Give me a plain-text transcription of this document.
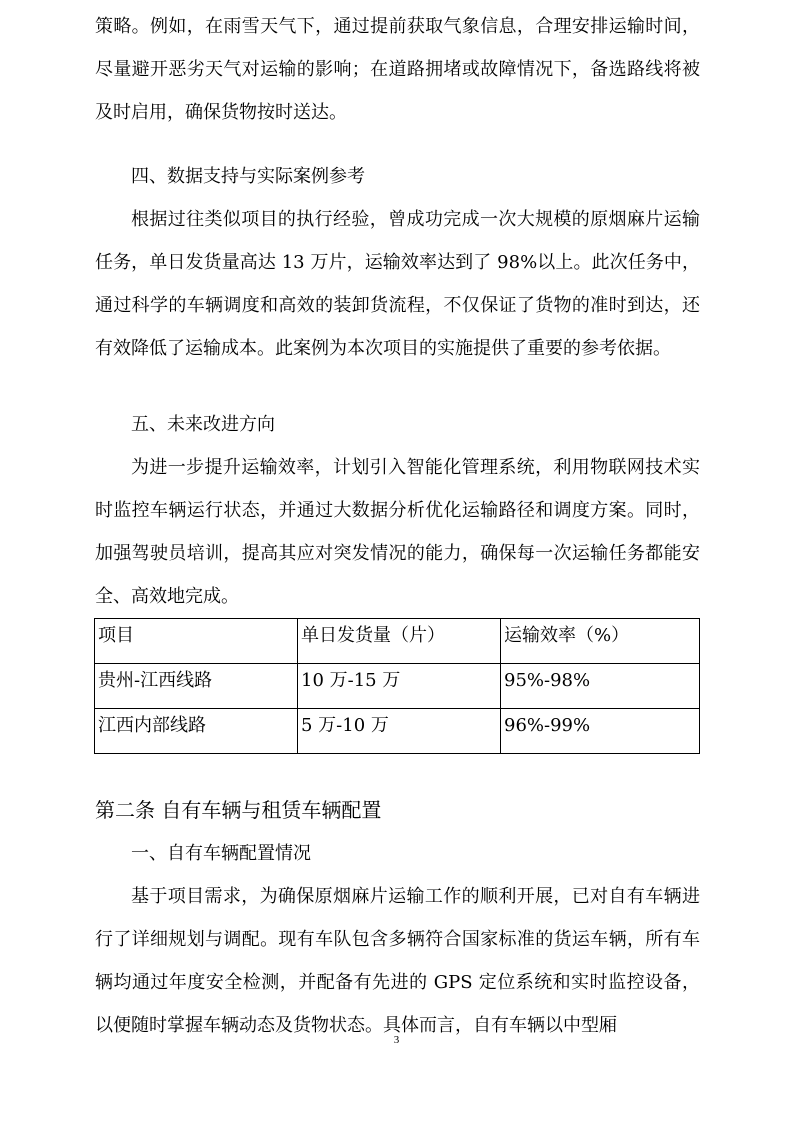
策略。例如，在雨雪天气下，通过提前获取气象信息，合理安排运输时间，尽量避开恶劣天气对运输的影响；在道路拥堵或故障情况下，备选路线将被及时启用，确保货物按时送达。

四、数据支持与实际案例参考

根据过往类似项目的执行经验，曾成功完成一次大规模的原烟麻片运输任务，单日发货量高达 13 万片，运输效率达到了 98%以上。此次任务中，通过科学的车辆调度和高效的装卸货流程，不仅保证了货物的准时到达，还有效降低了运输成本。此案例为本次项目的实施提供了重要的参考依据。

五、未来改进方向

为进一步提升运输效率，计划引入智能化管理系统，利用物联网技术实时监控车辆运行状态，并通过大数据分析优化运输路径和调度方案。同时，加强驾驶员培训，提高其应对突发情况的能力，确保每一次运输任务都能安全、高效地完成。

项目	单日发货量（片）	运输效率（%）
贵州-江西线路	10 万-15 万	95%-98%
江西内部线路	5 万-10 万	96%-99%

第二条 自有车辆与租赁车辆配置

一、自有车辆配置情况

基于项目需求，为确保原烟麻片运输工作的顺利开展，已对自有车辆进行了详细规划与调配。现有车队包含多辆符合国家标准的货运车辆，所有车辆均通过年度安全检测，并配备有先进的 GPS 定位系统和实时监控设备，以便随时掌握车辆动态及货物状态。具体而言，自有车辆以中型厢

3
